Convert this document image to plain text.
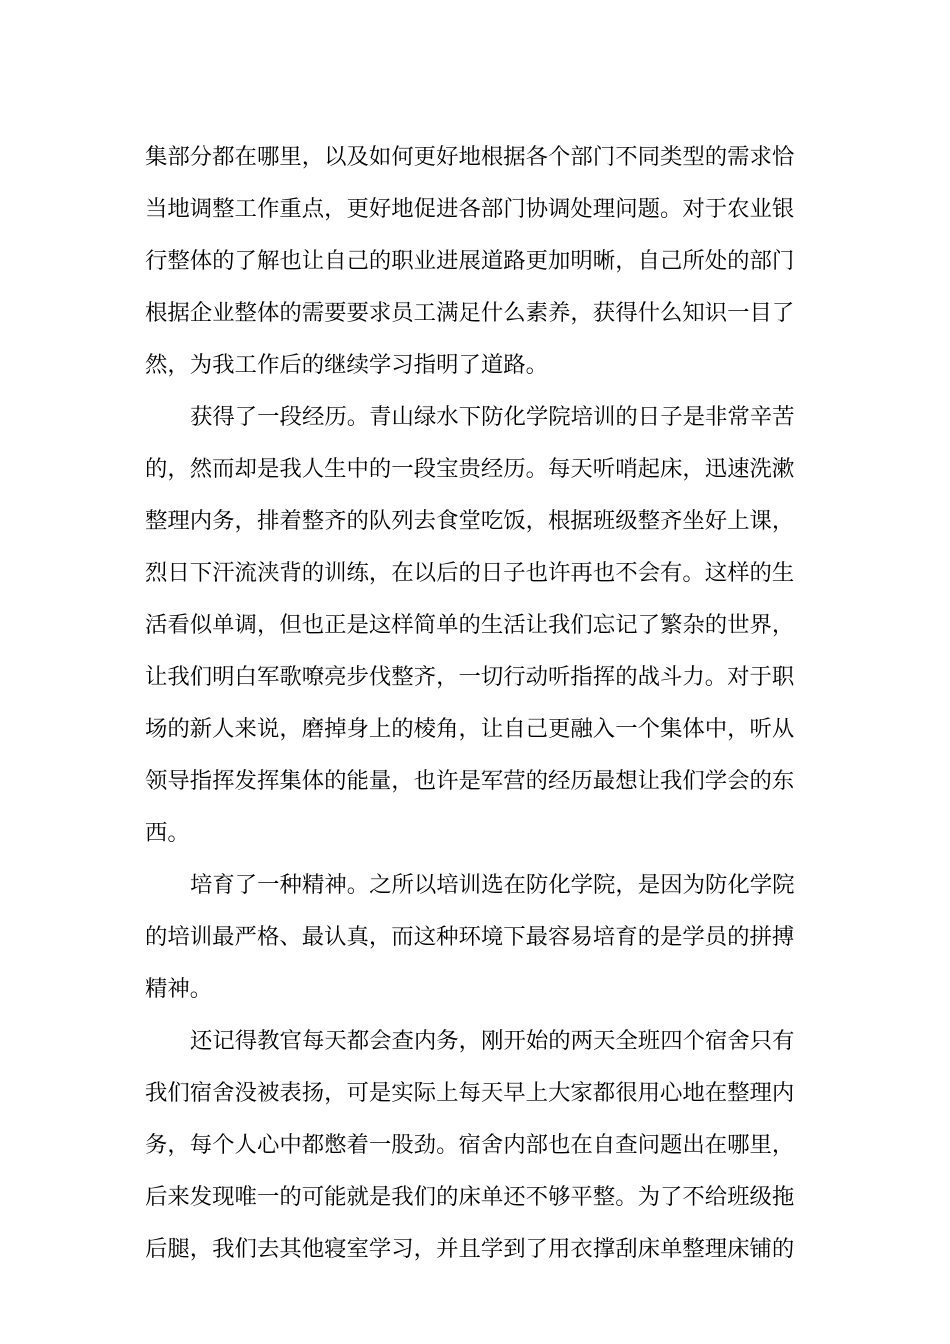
集部分都在哪里，以及如何更好地根据各个部门不同类型的需求恰
当地调整工作重点，更好地促进各部门协调处理问题。对于农业银
行整体的了解也让自己的职业进展道路更加明晰，自己所处的部门
根据企业整体的需要要求员工满足什么素养，获得什么知识一目了
然，为我工作后的继续学习指明了道路。
获得了一段经历。青山绿水下防化学院培训的日子是非常辛苦
的，然而却是我人生中的一段宝贵经历。每天听哨起床，迅速洗漱
整理内务，排着整齐的队列去食堂吃饭，根据班级整齐坐好上课，
烈日下汗流浃背的训练，在以后的日子也许再也不会有。这样的生
活看似单调，但也正是这样简单的生活让我们忘记了繁杂的世界，
让我们明白军歌嘹亮步伐整齐，一切行动听指挥的战斗力。对于职
场的新人来说，磨掉身上的棱角，让自己更融入一个集体中，听从
领导指挥发挥集体的能量，也许是军营的经历最想让我们学会的东
西。
培育了一种精神。之所以培训选在防化学院，是因为防化学院
的培训最严格、最认真，而这种环境下最容易培育的是学员的拼搏
精神。
还记得教官每天都会查内务，刚开始的两天全班四个宿舍只有
我们宿舍没被表扬，可是实际上每天早上大家都很用心地在整理内
务，每个人心中都憋着一股劲。宿舍内部也在自查问题出在哪里，
后来发现唯一的可能就是我们的床单还不够平整。为了不给班级拖
后腿，我们去其他寝室学习，并且学到了用衣撑刮床单整理床铺的
